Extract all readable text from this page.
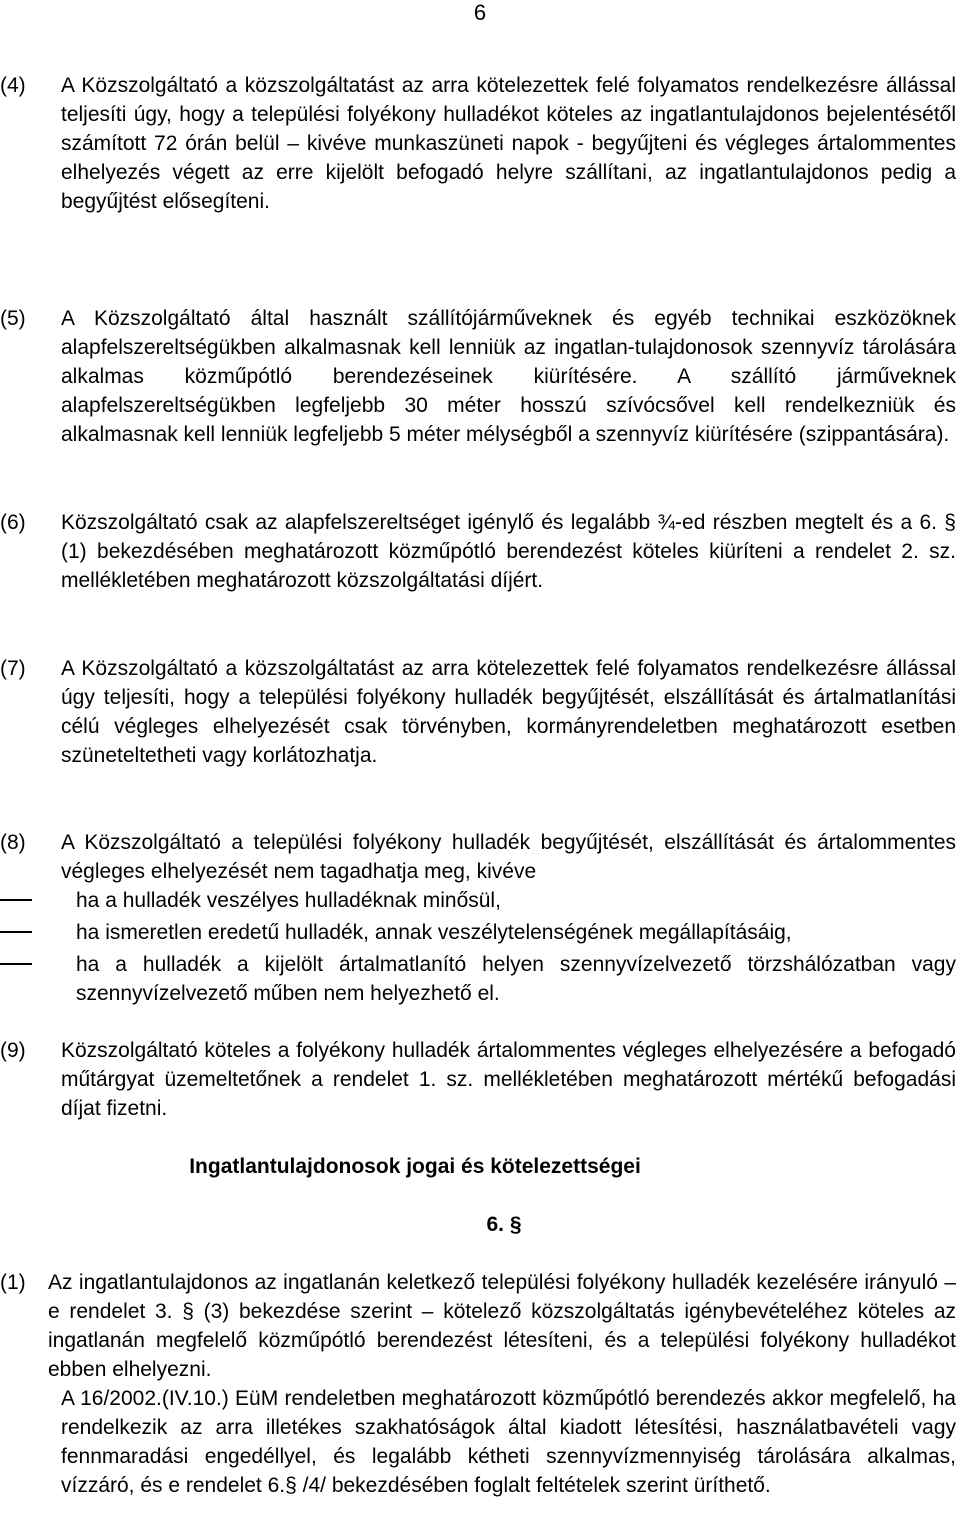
6
(4)	A Közszolgáltató a közszolgáltatást az arra kötelezettek felé folyamatos rendelkezésre állással teljesíti úgy, hogy a települési folyékony hulladékot köteles az ingatlantulajdonos bejelentésétől számított 72 órán belül – kivéve munkaszüneti napok - begyűjteni és végleges ártalommentes elhelyezés végett az erre kijelölt befogadó helyre szállítani, az ingatlantulajdonos pedig a begyűjtést elősegíteni.
(5)	A Közszolgáltató által használt szállítójárműveknek és egyéb technikai eszközöknek alapfelszereltségükben alkalmasnak kell lenniük az ingatlan-tulajdonosok szennyvíz tárolására alkalmas közműpótló berendezéseinek kiürítésére. A szállító járműveknek alapfelszereltségükben legfeljebb 30 méter hosszú szívócsővel kell rendelkezniük és alkalmasnak kell lenniük legfeljebb 5 méter mélységből a szennyvíz kiürítésére (szippantására).
(6)	Közszolgáltató csak az alapfelszereltséget igénylő és legalább ¾-ed részben megtelt és a 6. § (1) bekezdésében meghatározott közműpótló berendezést köteles kiüríteni a rendelet 2. sz. mellékletében meghatározott közszolgáltatási díjért.
(7)	A Közszolgáltató a közszolgáltatást az arra kötelezettek felé folyamatos rendelkezésre állással úgy teljesíti, hogy a települési folyékony hulladék begyűjtését, elszállítását és ártalmatlanítási célú végleges elhelyezését csak törvényben, kormányrendeletben meghatározott esetben szüneteltetheti vagy korlátozhatja.
(8)	A Közszolgáltató a települési folyékony hulladék begyűjtését, elszállítását és ártalommentes végleges elhelyezését nem tagadhatja meg, kivéve
ha a hulladék veszélyes hulladéknak minősül,
ha ismeretlen eredetű hulladék, annak veszélytelenségének megállapításáig,
ha a hulladék a kijelölt ártalmatlanító helyen szennyvízelvezető törzshálózatban vagy szennyvízelvezető műben nem helyezhető el.
(9)	Közszolgáltató köteles a folyékony hulladék ártalommentes végleges elhelyezésére a befogadó műtárgyat üzemeltetőnek a rendelet 1. sz. mellékletében meghatározott mértékű befogadási díjat fizetni.
Ingatlantulajdonosok jogai és kötelezettségei
6. §
(1)	Az ingatlantulajdonos az ingatlanán keletkező települési folyékony hulladék kezelésére irányuló – e rendelet 3. § (3) bekezdése szerint – kötelező közszolgáltatás igénybevételéhez köteles az ingatlanán megfelelő közműpótló berendezést létesíteni, és a települési folyékony hulladékot ebben elhelyezni.
A 16/2002.(IV.10.) EüM rendeletben meghatározott közműpótló berendezés akkor megfelelő, ha rendelkezik az arra illetékes szakhatóságok által kiadott létesítési, használatbavételi vagy fennmaradási engedéllyel, és legalább kétheti szennyvízmennyiség tárolására alkalmas, vízzáró, és e rendelet 6.§ /4/ bekezdésében foglalt feltételek szerint üríthető.
